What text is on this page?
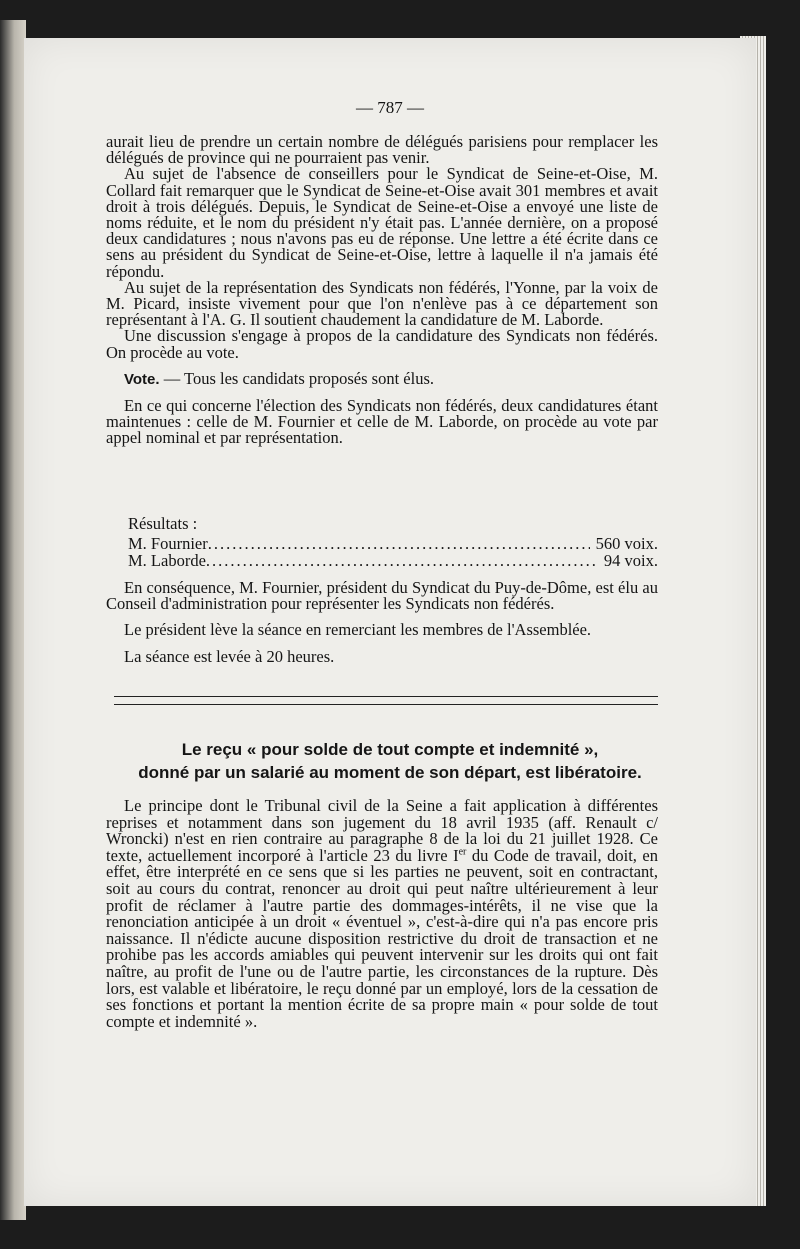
— 787 —

aurait lieu de prendre un certain nombre de délégués parisiens pour remplacer les délégués de province qui ne pourraient pas venir.

Au sujet de l'absence de conseillers pour le Syndicat de Seine-et-Oise, M. Collard fait remarquer que le Syndicat de Seine-et-Oise avait 301 membres et avait droit à trois délégués. Depuis, le Syndicat de Seine-et-Oise a envoyé une liste de noms réduite, et le nom du président n'y était pas. L'année dernière, on a proposé deux candidatures ; nous n'avons pas eu de réponse. Une lettre a été écrite dans ce sens au président du Syndicat de Seine-et-Oise, lettre à laquelle il n'a jamais été répondu.

Au sujet de la représentation des Syndicats non fédérés, l'Yonne, par la voix de M. Picard, insiste vivement pour que l'on n'enlève pas à ce département son représentant à l'A. G. Il soutient chaudement la candidature de M. Laborde.

Une discussion s'engage à propos de la candidature des Syndicats non fédérés. On procède au vote.

Vote. — Tous les candidats proposés sont élus.

En ce qui concerne l'élection des Syndicats non fédérés, deux candidatures étant maintenues : celle de M. Fournier et celle de M. Laborde, on procède au vote par appel nominal et par représentation.

Résultats :
M. Fournier .....	560 voix.
M. Laborde .....	94 voix.

En conséquence, M. Fournier, président du Syndicat du Puy-de-Dôme, est élu au Conseil d'administration pour représenter les Syndicats non fédérés.

Le président lève la séance en remerciant les membres de l'Assemblée.

La séance est levée à 20 heures.

Le reçu « pour solde de tout compte et indemnité »,
donné par un salarié au moment de son départ, est libératoire.

Le principe dont le Tribunal civil de la Seine a fait application à différentes reprises et notamment dans son jugement du 18 avril 1935 (aff. Renault c/ Wroncki) n'est en rien contraire au paragraphe 8 de la loi du 21 juillet 1928. Ce texte, actuellement incorporé à l'article 23 du livre Ier du Code de travail, doit, en effet, être interprété en ce sens que si les parties ne peuvent, soit en contractant, soit au cours du contrat, renoncer au droit qui peut naître ultérieurement à leur profit de réclamer à l'autre partie des dommages-intérêts, il ne vise que la renonciation anticipée à un droit « éventuel », c'est-à-dire qui n'a pas encore pris naissance. Il n'édicte aucune disposition restrictive du droit de transaction et ne prohibe pas les accords amiables qui peuvent intervenir sur les droits qui ont fait naître, au profit de l'une ou de l'autre partie, les circonstances de la rupture. Dès lors, est valable et libératoire, le reçu donné par un employé, lors de la cessation de ses fonctions et portant la mention écrite de sa propre main « pour solde de tout compte et indemnité ».
